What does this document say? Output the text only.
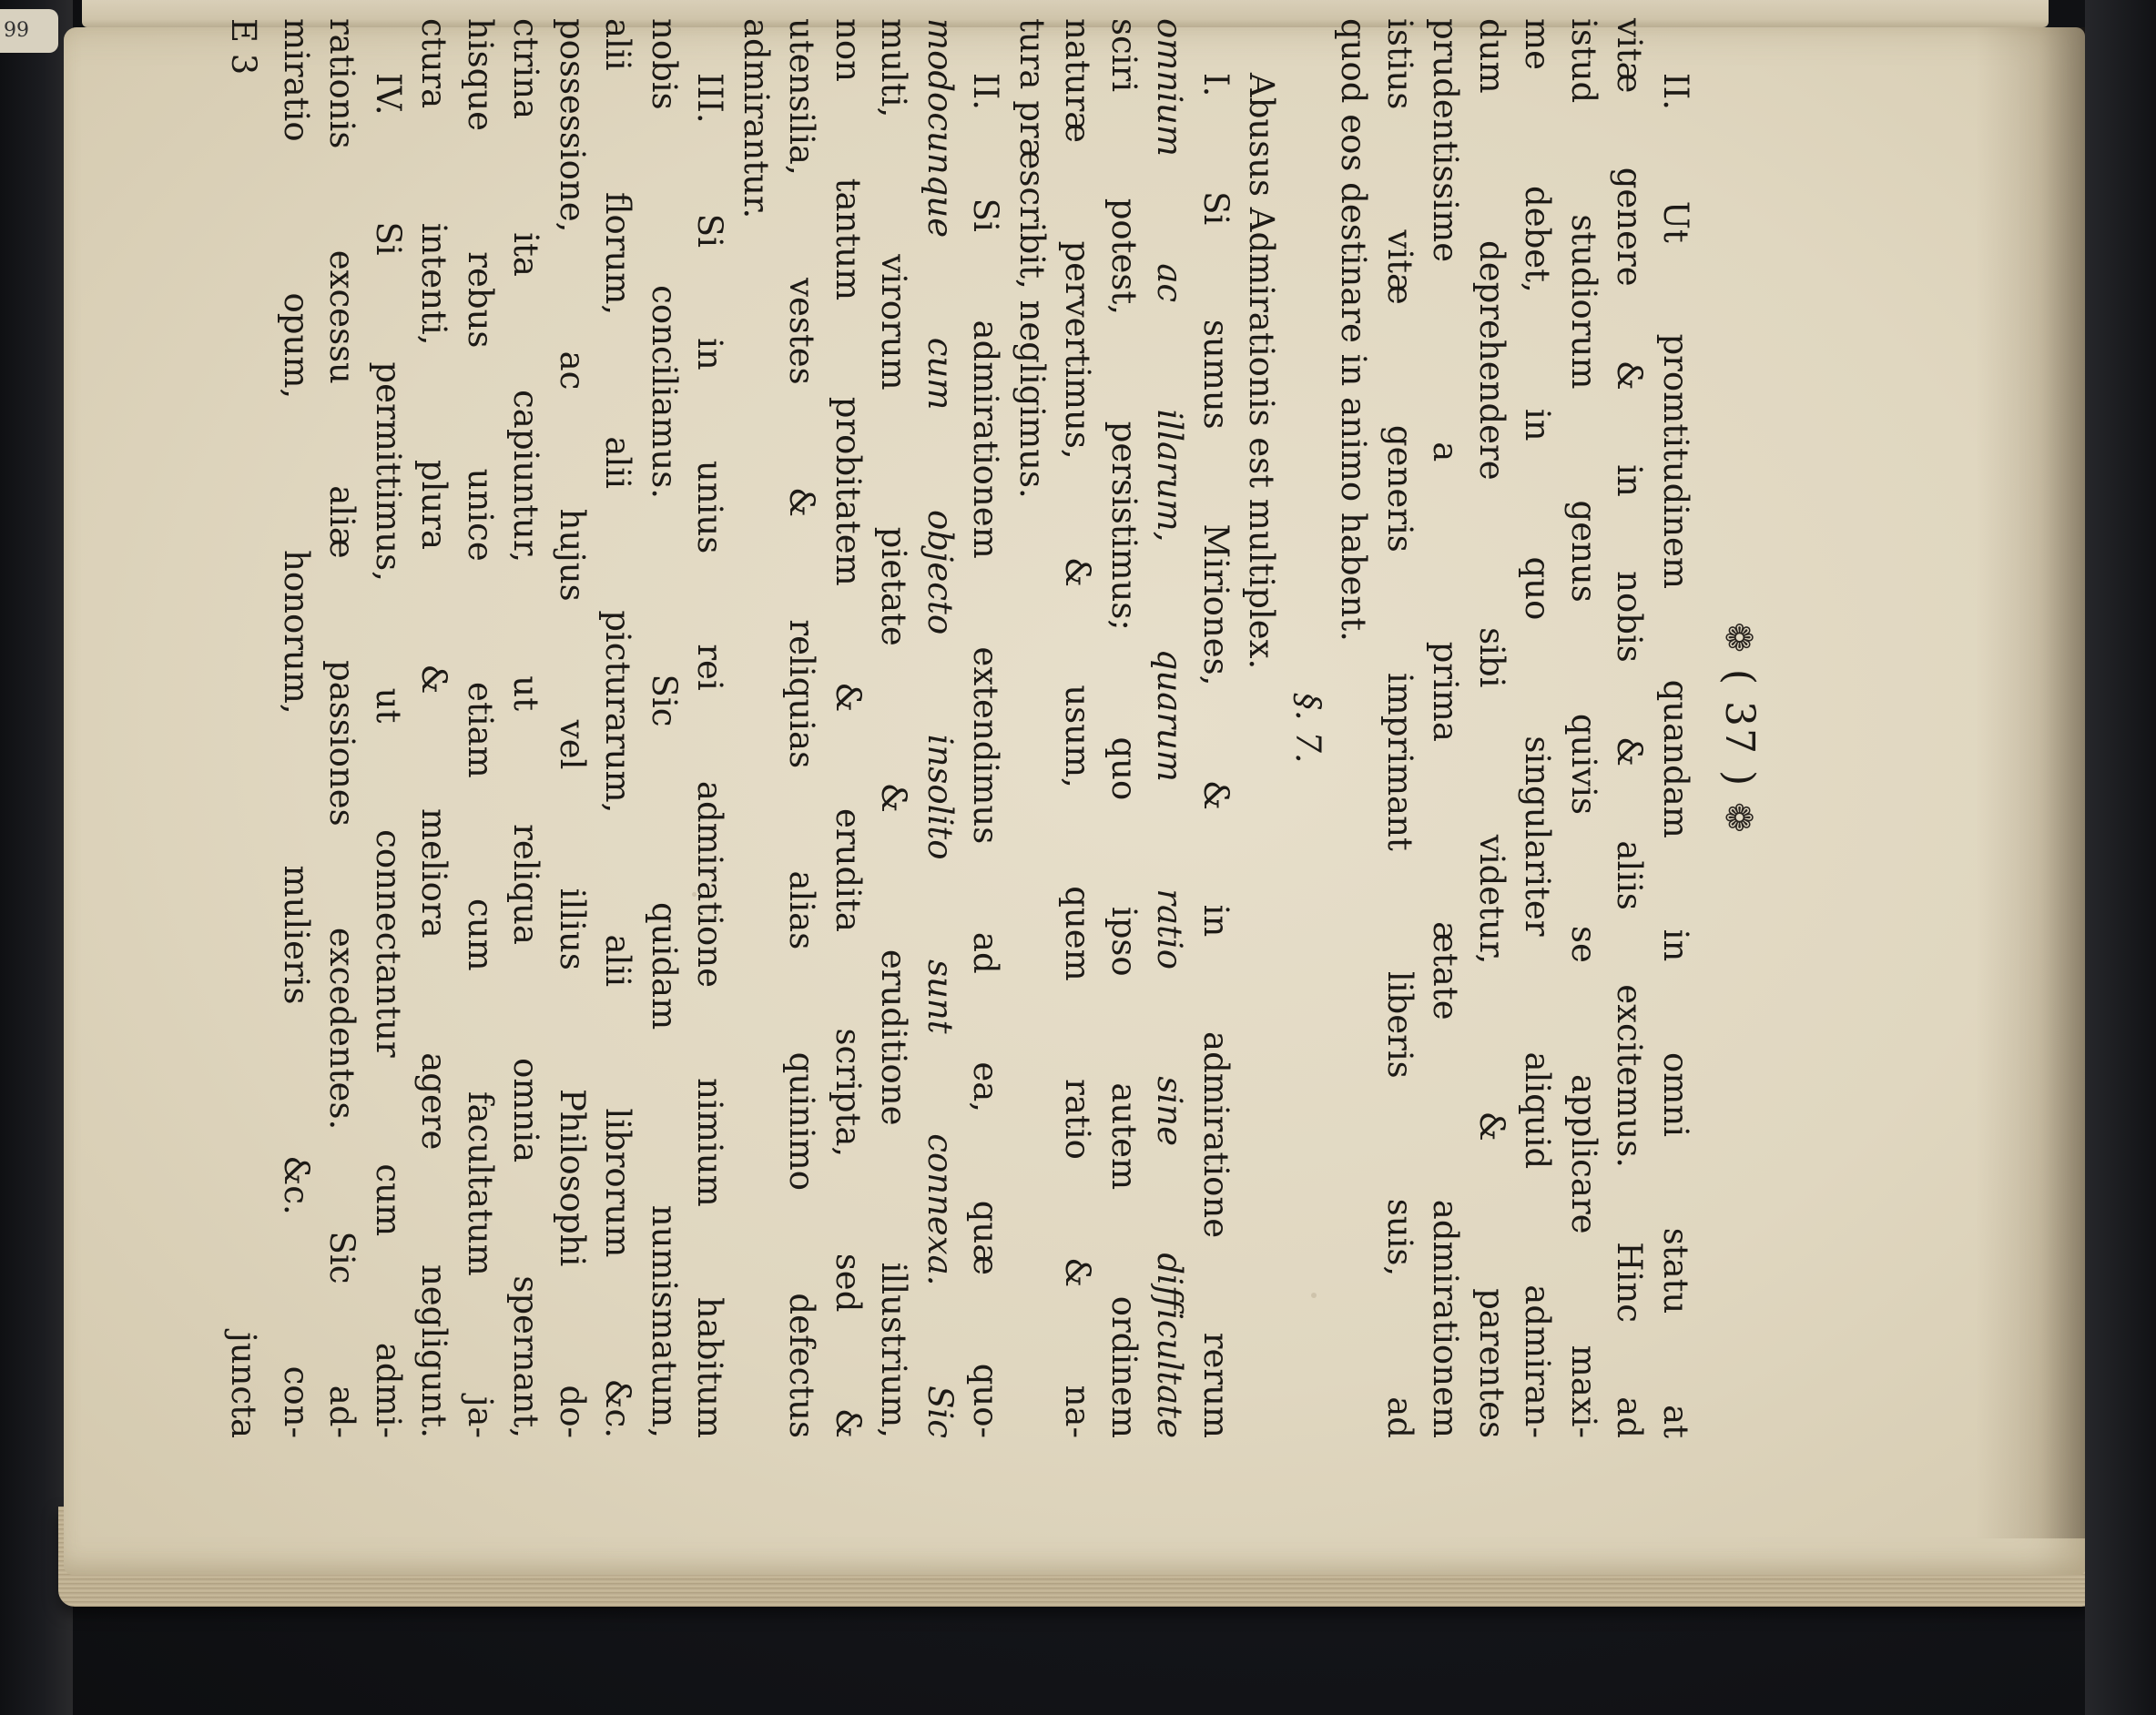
99
❁ ( 37 ) ❁
II. Ut promtitudinem quandam in omni statu at
vitæ genere & in nobis & aliis excitemus. Hinc ad
istud studiorum genus quivis se applicare maxi-
me debet, in quo singulariter aliquid admiran-
dum deprehendere sibi videtur, & parentes
prudentissime a prima ætate admirationem
istius vitæ generis imprimant liberis suis, ad
quod eos destinare in animo habent.
§. 7.
Abusus Admirationis est multiplex.
I. Si sumus Miriones, & in admiratione rerum
omnium ac illarum, quarum ratio sine difficultate
sciri potest, persistimus; quo ipso autem ordinem
naturæ pervertimus, & usum, quem ratio & na-
tura præscribit, negligimus.
II. Si admirationem extendimus ad ea, quæ quo-
modocunque cum objecto insolito sunt connexa. Sic
multi, virorum pietate & eruditione illustrium,
non tantum probitatem & erudita scripta, sed &
utensilia, vestes & reliquias alias quinimo defectus
admirantur.
III. Si in unius rei admiratione nimium habitum
nobis conciliamus. Sic quidam numismatum,
alii florum, alii picturarum, alii librorum &c.
possessione, ac hujus vel illius Philosophi do-
ctrina ita capiuntur, ut reliqua omnia spernant,
hisque rebus unice etiam cum facultatum ja-
ctura intenti, plura & meliora agere negligunt.
IV. Si permittimus, ut connectantur cum admi-
rationis excessu aliæ passiones excedentes. Sic ad-
miratio opum, honorum, mulieris &c. con-
E 3
juncta
